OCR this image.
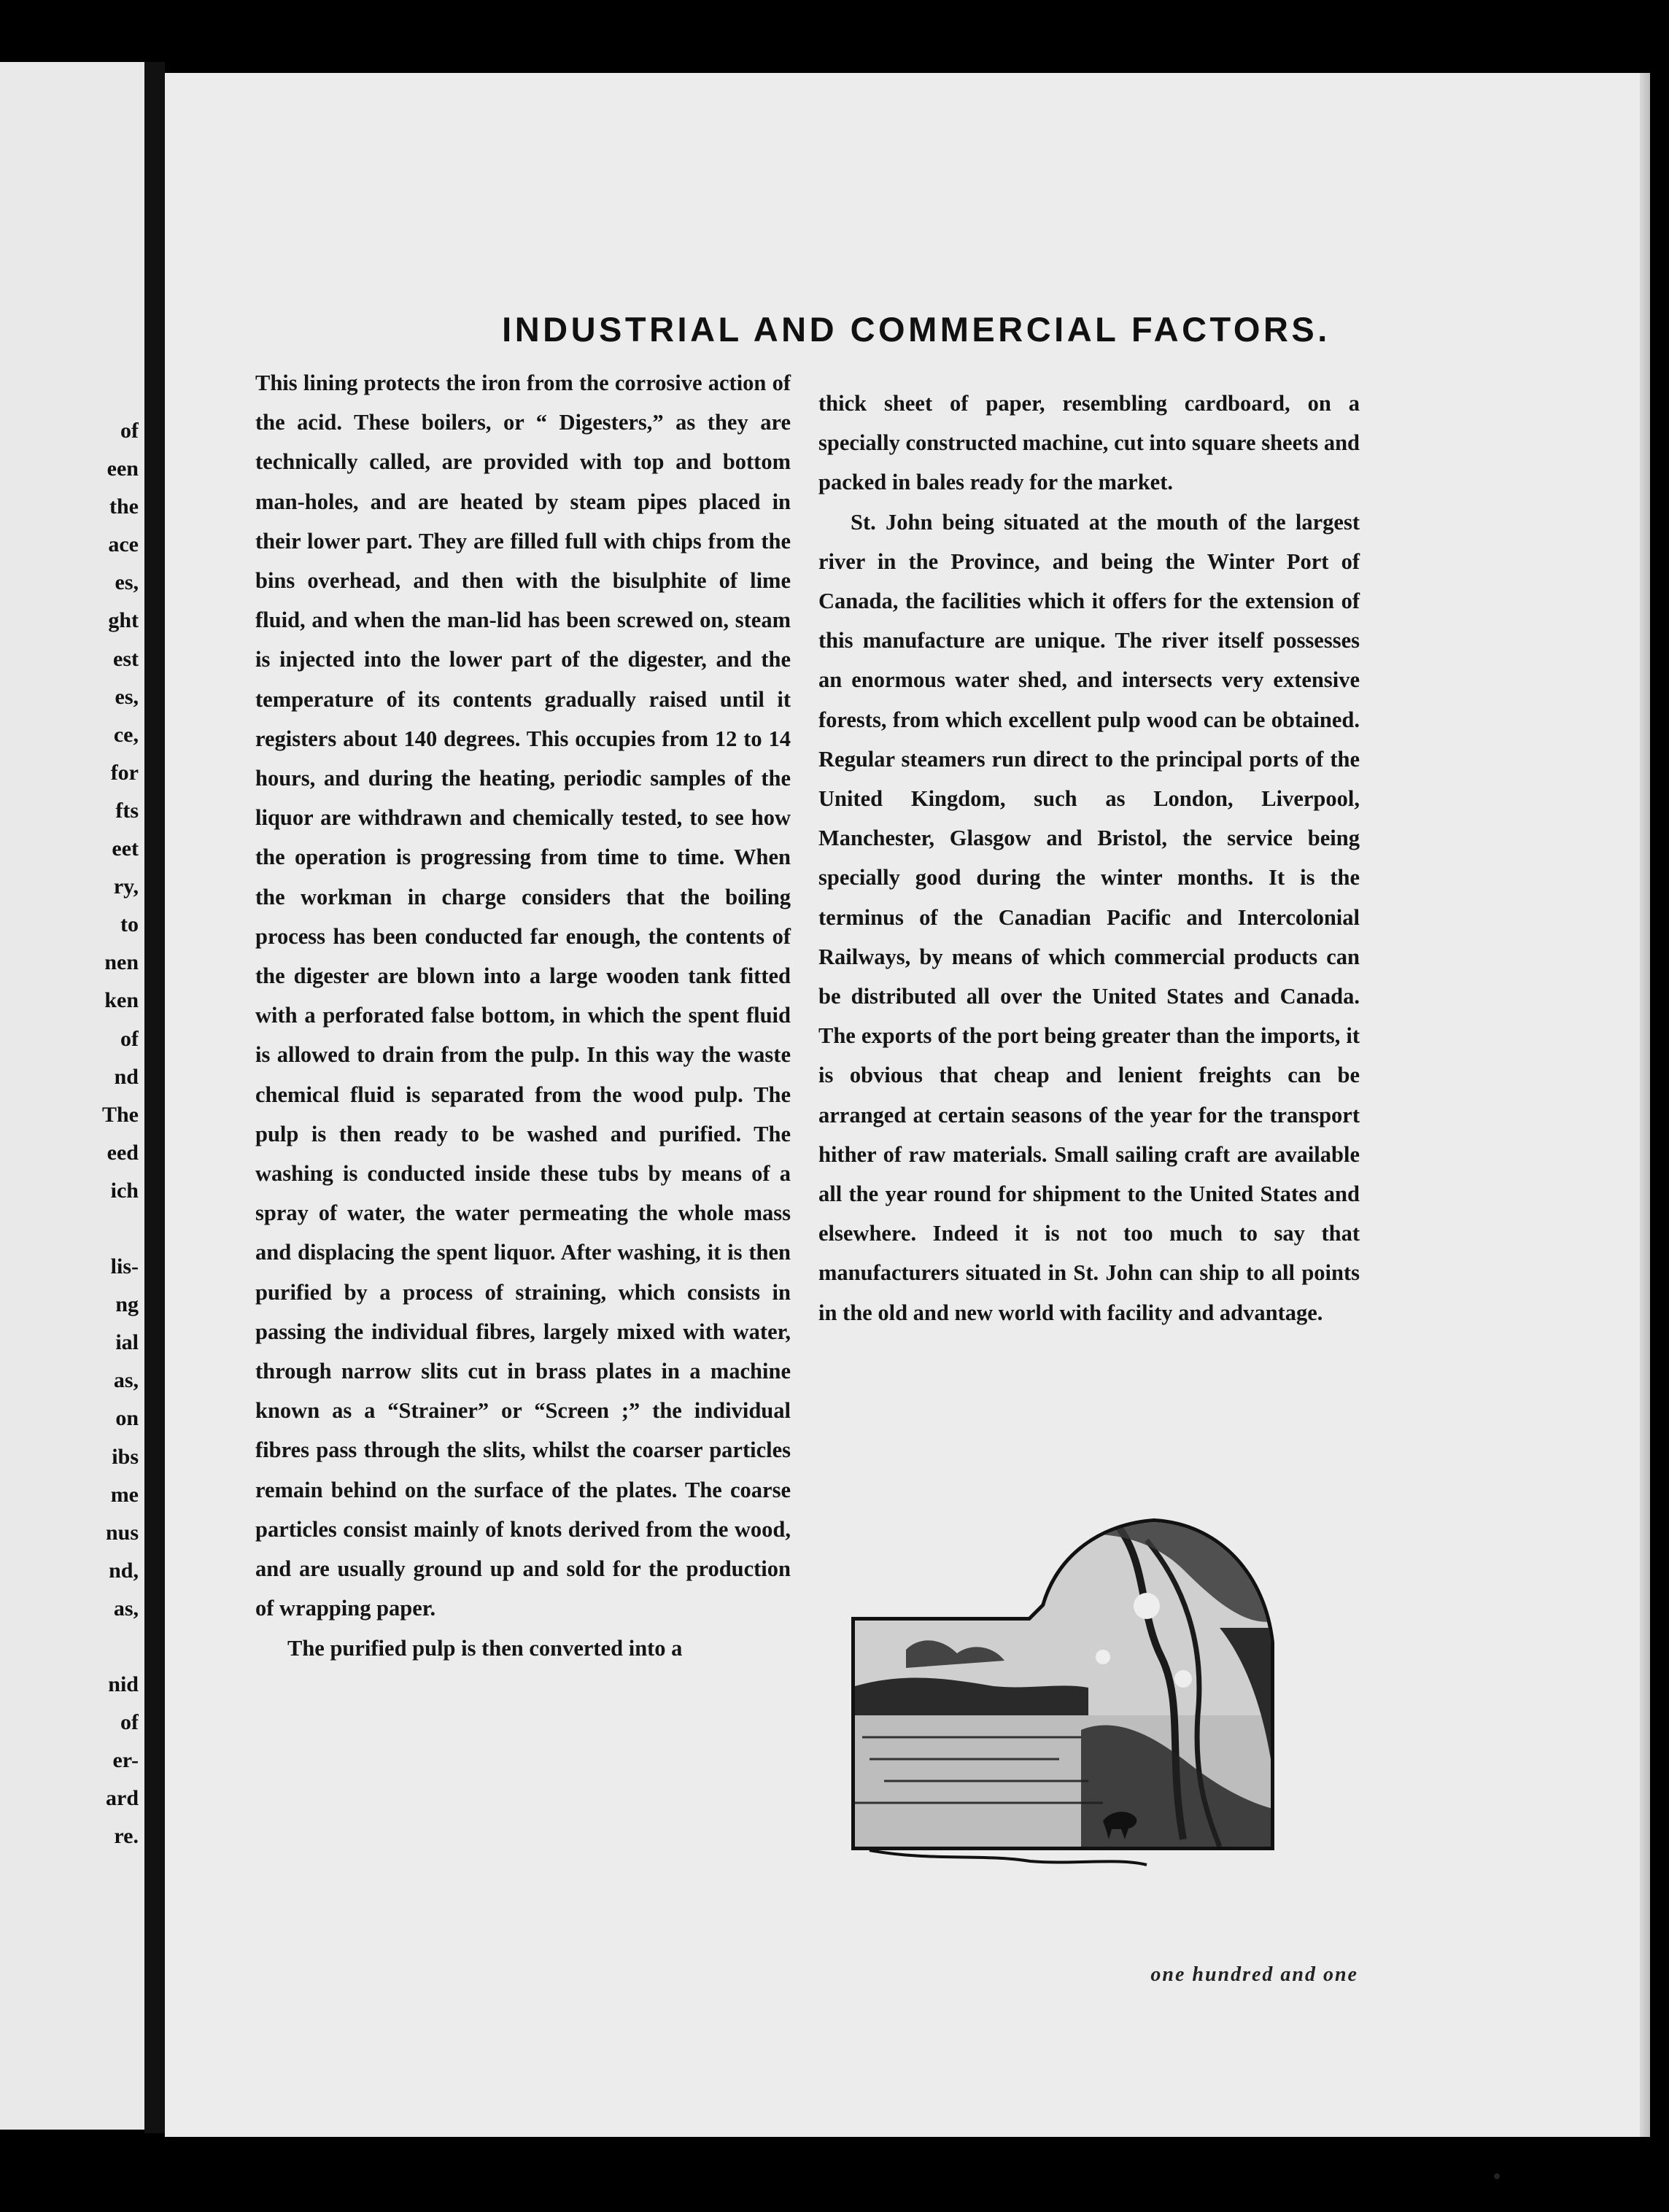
of
een
the
ace
es,
ght
est
es,
ce,
for
fts
eet
ry,
to
nen
ken
of
nd
The
eed
ich
lis-
ng
ial
as,
on
ibs
me
nus
nd,
as,
nid
of
er-
ard
re.
INDUSTRIAL AND COMMERCIAL FACTORS.

This lining protects the iron from the corrosive action of the acid. These boilers, or “ Digesters,” as they are technically called, are provided with top and bottom man-holes, and are heated by steam pipes placed in their lower part. They are filled full with chips from the bins overhead, and then with the bisulphite of lime fluid, and when the man-lid has been screwed on, steam is injected into the lower part of the digester, and the temperature of its contents gradually raised until it registers about 140 degrees. This occupies from 12 to 14 hours, and during the heating, periodic samples of the liquor are withdrawn and chemically tested, to see how the operation is progressing from time to time. When the workman in charge considers that the boiling process has been conducted far enough, the contents of the digester are blown into a large wooden tank fitted with a perforated false bottom, in which the spent fluid is allowed to drain from the pulp. In this way the waste chemical fluid is separated from the wood pulp. The pulp is then ready to be washed and purified. The washing is conducted inside these tubs by means of a spray of water, the water permeating the whole mass and displacing the spent liquor. After washing, it is then purified by a process of straining, which consists in passing the individual fibres, largely mixed with water, through narrow slits cut in brass plates in a machine known as a “Strainer” or “Screen ;” the individual fibres pass through the slits, whilst the coarser particles remain behind on the surface of the plates. The coarse particles consist mainly of knots derived from the wood, and are usually ground up and sold for the production of wrapping paper.

The purified pulp is then converted into a

thick sheet of paper, resembling cardboard, on a specially constructed machine, cut into square sheets and packed in bales ready for the market.

St. John being situated at the mouth of the largest river in the Province, and being the Winter Port of Canada, the facilities which it offers for the extension of this manufacture are unique. The river itself possesses an enormous water shed, and intersects very extensive forests, from which excellent pulp wood can be obtained. Regular steamers run direct to the principal ports of the United Kingdom, such as London, Liverpool, Manchester, Glasgow and Bristol, the service being specially good during the winter months. It is the terminus of the Canadian Pacific and Intercolonial Railways, by means of which commercial products can be distributed all over the United States and Canada. The exports of the port being greater than the imports, it is obvious that cheap and lenient freights can be arranged at certain seasons of the year for the transport hither of raw materials. Small sailing craft are available all the year round for shipment to the United States and elsewhere. Indeed it is not too much to say that manufacturers situated in St. John can ship to all points in the old and new world with facility and advantage.

one hundred and one
